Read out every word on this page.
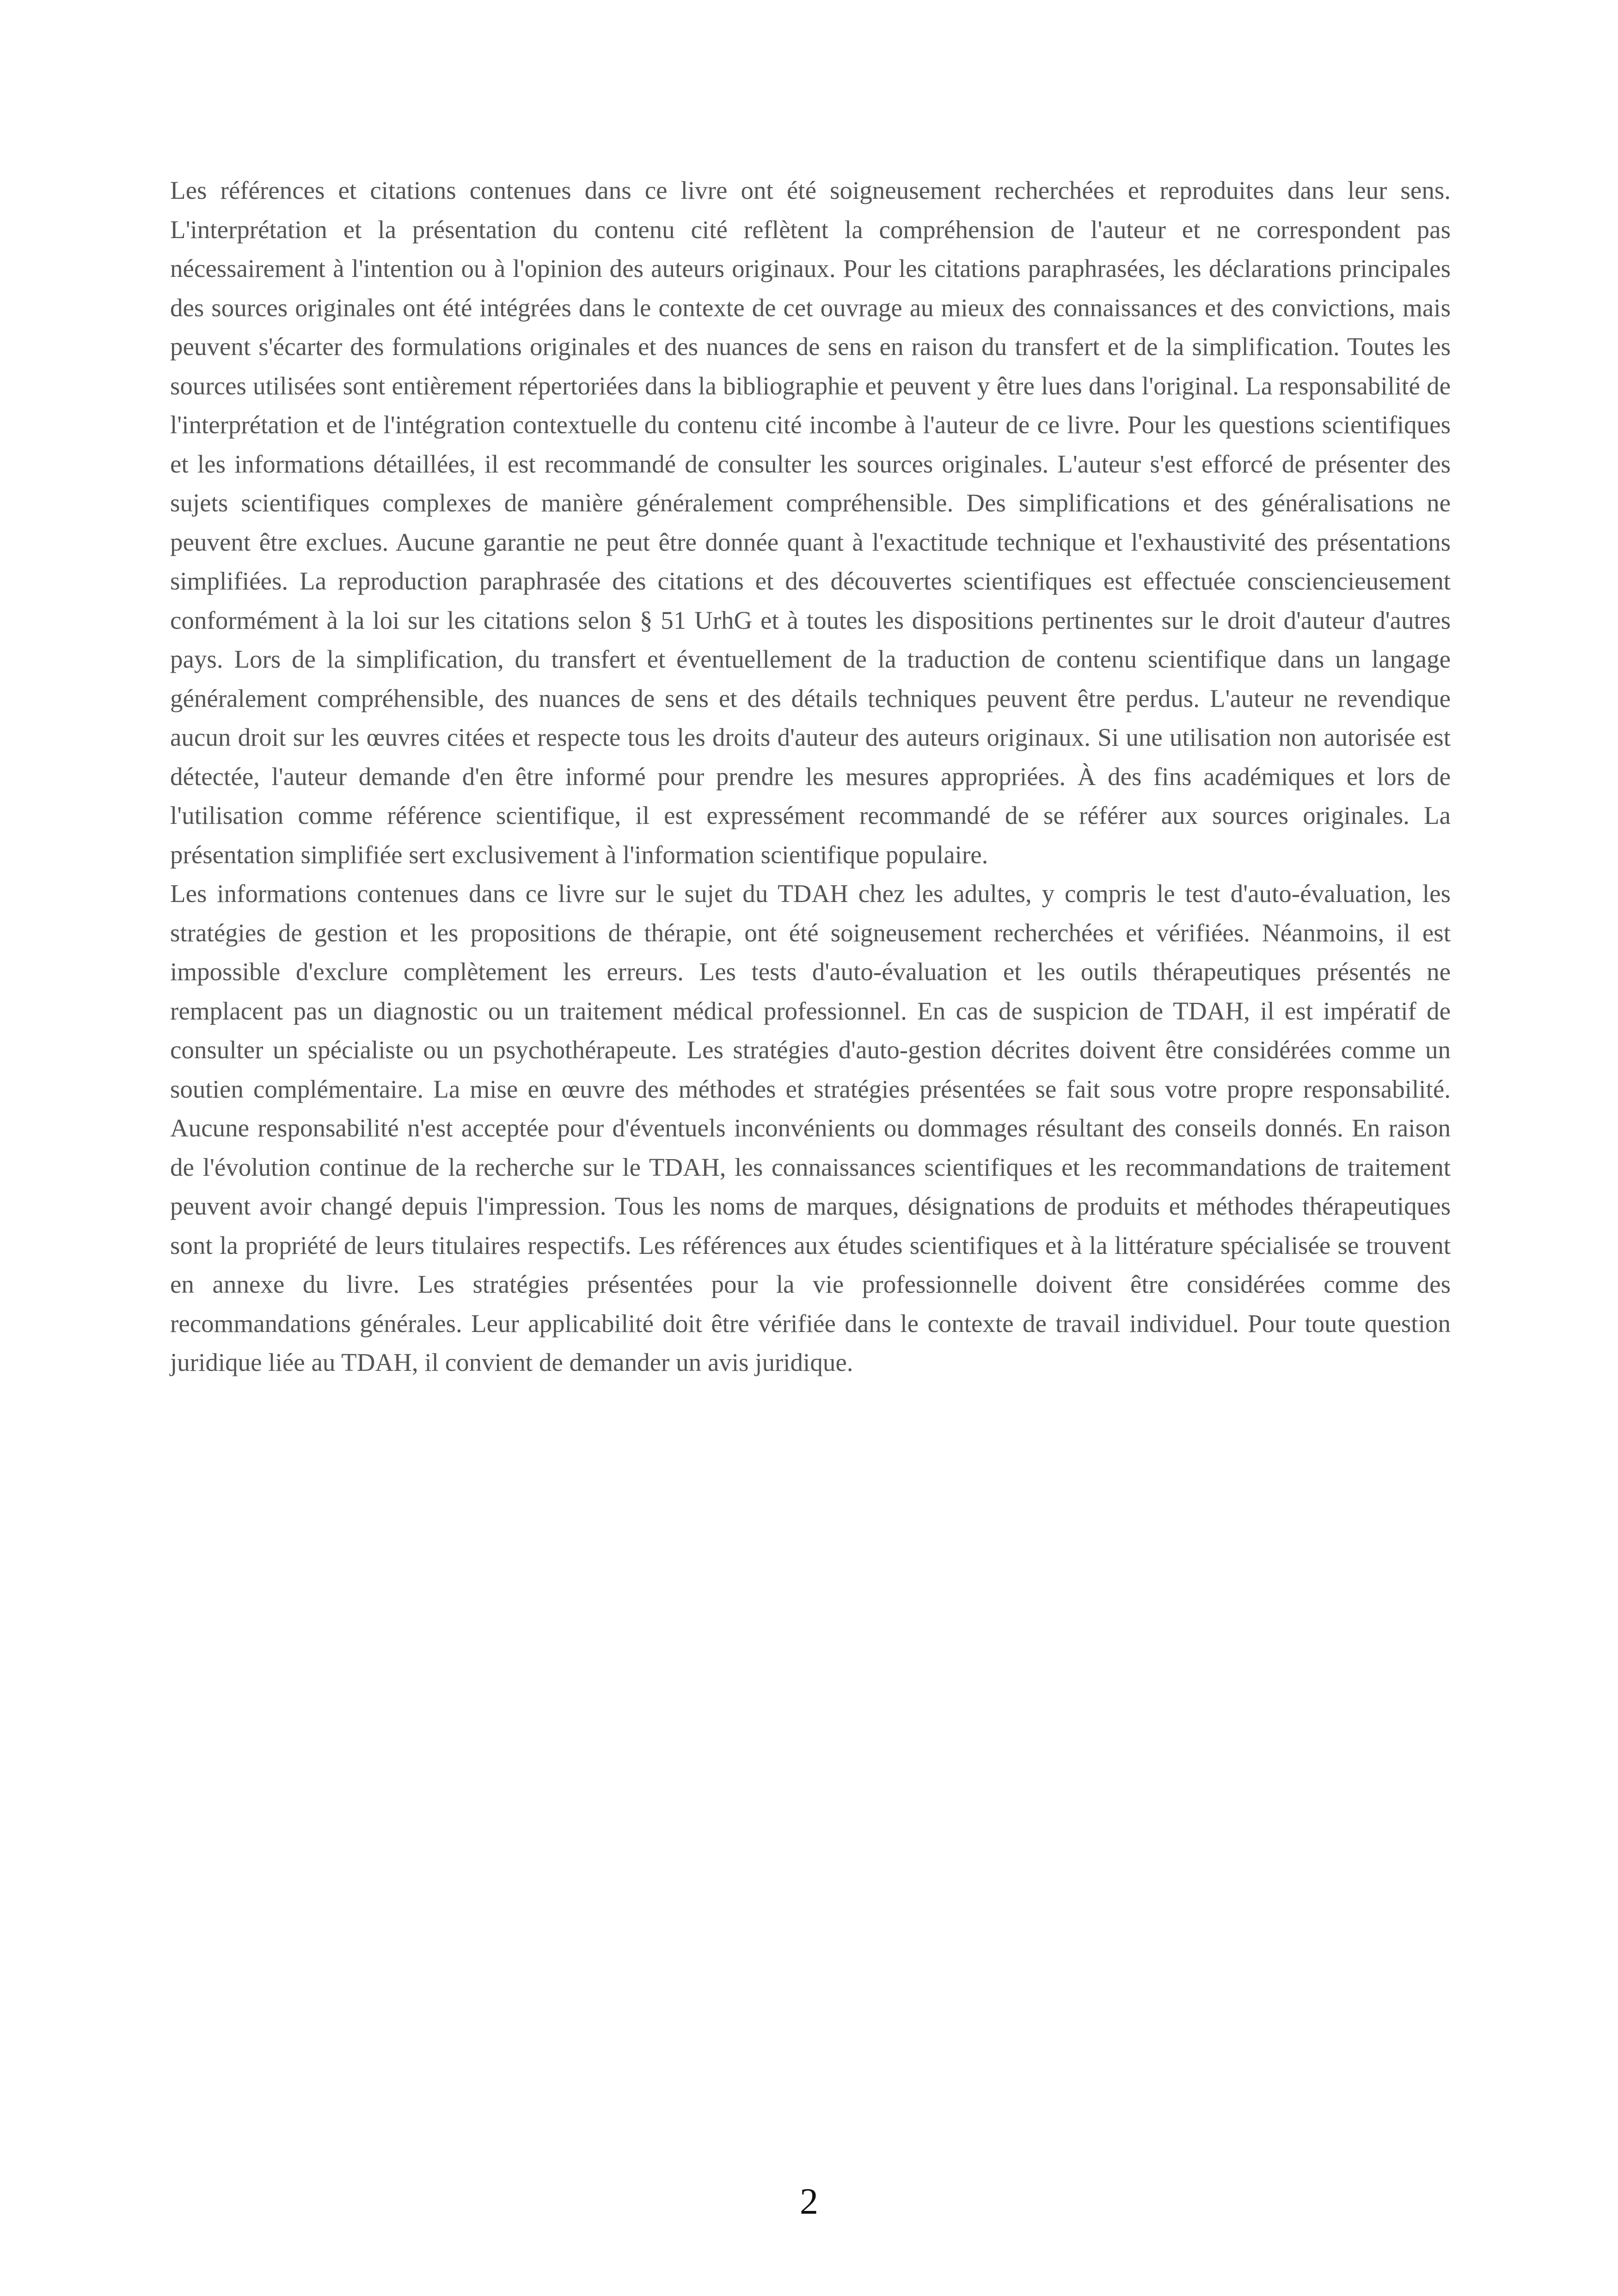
Les références et citations contenues dans ce livre ont été soigneusement recherchées et reproduites dans leur sens. L'interprétation et la présentation du contenu cité reflètent la compréhension de l'auteur et ne correspondent pas nécessairement à l'intention ou à l'opinion des auteurs originaux. Pour les citations paraphrasées, les déclarations principales des sources originales ont été intégrées dans le contexte de cet ouvrage au mieux des connaissances et des convictions, mais peuvent s'écarter des formulations originales et des nuances de sens en raison du transfert et de la simplification. Toutes les sources utilisées sont entièrement répertoriées dans la bibliographie et peuvent y être lues dans l'original. La responsabilité de l'interprétation et de l'intégration contextuelle du contenu cité incombe à l'auteur de ce livre. Pour les questions scientifiques et les informations détaillées, il est recommandé de consulter les sources originales. L'auteur s'est efforcé de présenter des sujets scientifiques complexes de manière généralement compréhensible. Des simplifications et des généralisations ne peuvent être exclues. Aucune garantie ne peut être donnée quant à l'exactitude technique et l'exhaustivité des présentations simplifiées. La reproduction paraphrasée des citations et des découvertes scientifiques est effectuée consciencieusement conformément à la loi sur les citations selon § 51 UrhG et à toutes les dispositions pertinentes sur le droit d'auteur d'autres pays. Lors de la simplification, du transfert et éventuellement de la traduction de contenu scientifique dans un langage généralement compréhensible, des nuances de sens et des détails techniques peuvent être perdus. L'auteur ne revendique aucun droit sur les œuvres citées et respecte tous les droits d'auteur des auteurs originaux. Si une utilisation non autorisée est détectée, l'auteur demande d'en être informé pour prendre les mesures appropriées. À des fins académiques et lors de l'utilisation comme référence scientifique, il est expressément recommandé de se référer aux sources originales. La présentation simplifiée sert exclusivement à l'information scientifique populaire.

Les informations contenues dans ce livre sur le sujet du TDAH chez les adultes, y compris le test d'auto-évaluation, les stratégies de gestion et les propositions de thérapie, ont été soigneusement recherchées et vérifiées. Néanmoins, il est impossible d'exclure complètement les erreurs. Les tests d'auto-évaluation et les outils thérapeutiques présentés ne remplacent pas un diagnostic ou un traitement médical professionnel. En cas de suspicion de TDAH, il est impératif de consulter un spécialiste ou un psychothérapeute. Les stratégies d'auto-gestion décrites doivent être considérées comme un soutien complémentaire. La mise en œuvre des méthodes et stratégies présentées se fait sous votre propre responsabilité. Aucune responsabilité n'est acceptée pour d'éventuels inconvénients ou dommages résultant des conseils donnés. En raison de l'évolution continue de la recherche sur le TDAH, les connaissances scientifiques et les recommandations de traitement peuvent avoir changé depuis l'impression. Tous les noms de marques, désignations de produits et méthodes thérapeutiques sont la propriété de leurs titulaires respectifs. Les références aux études scientifiques et à la littérature spécialisée se trouvent en annexe du livre. Les stratégies présentées pour la vie professionnelle doivent être considérées comme des recommandations générales. Leur applicabilité doit être vérifiée dans le contexte de travail individuel. Pour toute question juridique liée au TDAH, il convient de demander un avis juridique.

2
